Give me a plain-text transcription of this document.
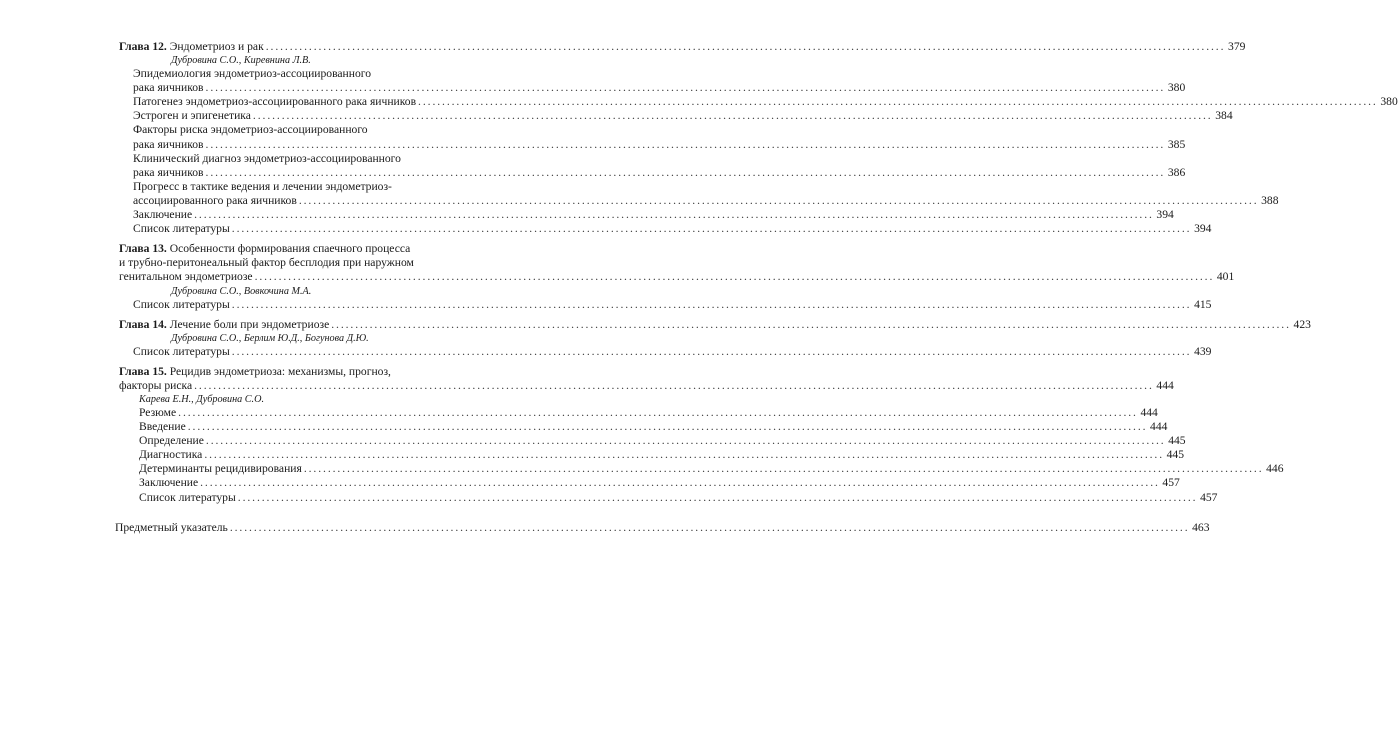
Глава 12. Эндометриоз и рак ........................................................................................................................................................................................................ 379
Дубровина С.О., Киревнина Л.В.
Эпидемиология эндометриоз-ассоциированного
рака яичников ........................................................................................................................................................................................................ 380
Патогенез эндометриоз-ассоциированного рака яичников ........................................................................................................................................................................................................ 380
Эстроген и эпигенетика ........................................................................................................................................................................................................ 384
Факторы риска эндометриоз-ассоциированного
рака яичников ........................................................................................................................................................................................................ 385
Клинический диагноз эндометриоз-ассоциированного
рака яичников ........................................................................................................................................................................................................ 386
Прогресс в тактике ведения и лечении эндометриоз-
ассоциированного рака яичников ........................................................................................................................................................................................................ 388
Заключение ........................................................................................................................................................................................................ 394
Список литературы ........................................................................................................................................................................................................ 394
Глава 13. Особенности формирования спаечного процесса
и трубно-перитонеальный фактор бесплодия при наружном
генитальном эндометриозе ........................................................................................................................................................................................................ 401
Дубровина С.О., Вовкочина М.А.
Список литературы ........................................................................................................................................................................................................ 415
Глава 14. Лечение боли при эндометриозе ........................................................................................................................................................................................................ 423
Дубровина С.О., Берлим Ю.Д., Богунова Д.Ю.
Список литературы ........................................................................................................................................................................................................ 439
Глава 15. Рецидив эндометриоза: механизмы, прогноз,
факторы риска ........................................................................................................................................................................................................ 444
Карева Е.Н., Дубровина С.О.
Резюме ........................................................................................................................................................................................................ 444
Введение ........................................................................................................................................................................................................ 444
Определение ........................................................................................................................................................................................................ 445
Диагностика ........................................................................................................................................................................................................ 445
Детерминанты рецидивирования ........................................................................................................................................................................................................ 446
Заключение ........................................................................................................................................................................................................ 457
Список литературы ........................................................................................................................................................................................................ 457
Предметный указатель ........................................................................................................................................................................................................ 463
